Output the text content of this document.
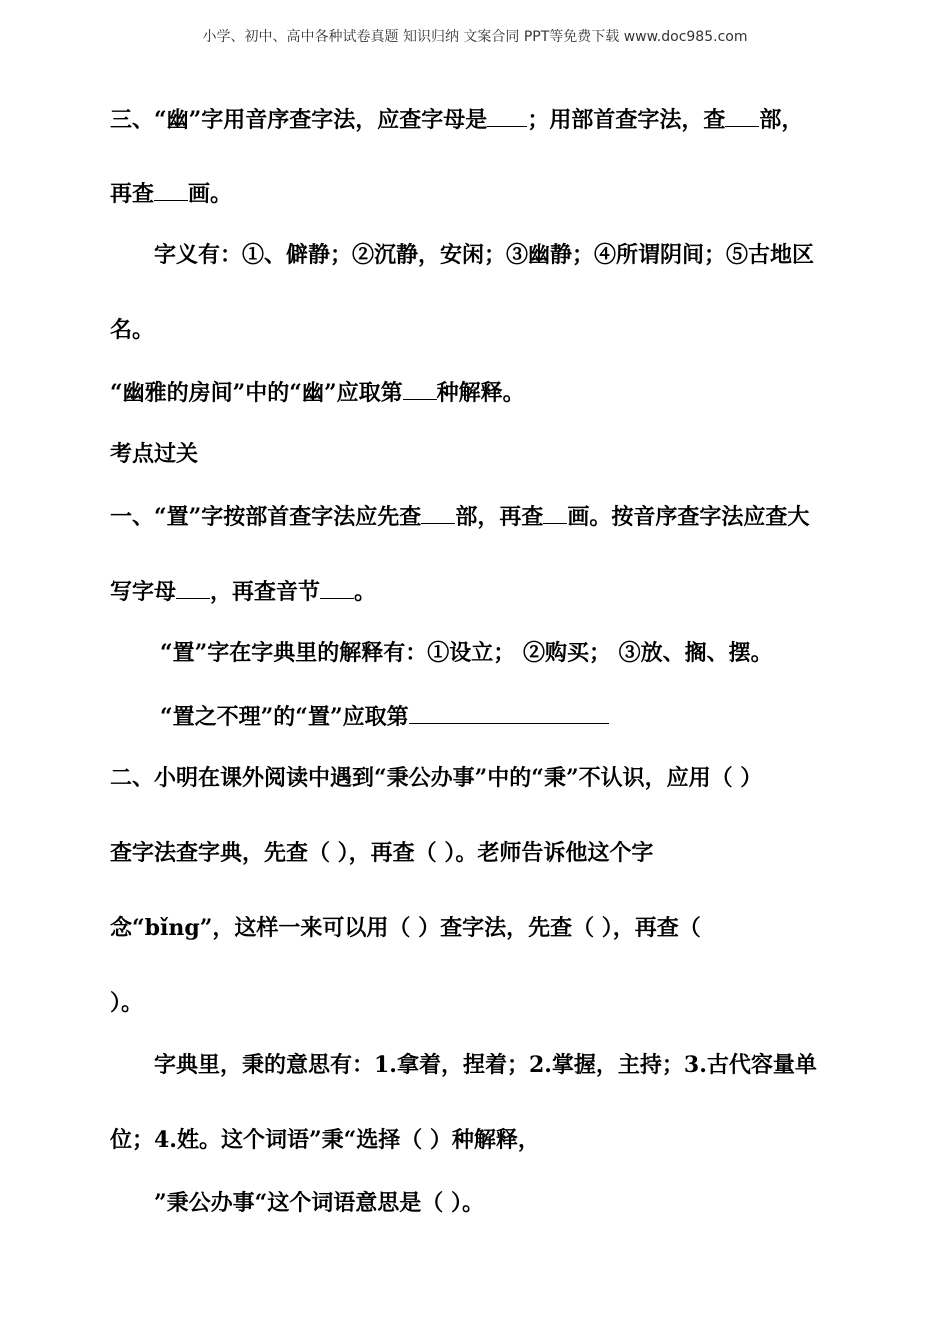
小学、初中、高中各种试卷真题 知识归纳 文案合同 PPT等免费下载 www.doc985.com
三、“幽”字用音序查字法，应查字母是 ；用部首查字法，查 部，
再查 画。
字义有：①、僻静；②沉静，安闲；③幽静；④所谓阴间；⑤古地区
名。
“幽雅的房间”中的“幽”应取第 种解释。
考点过关
一、“置”字按部首查字法应先查 部，再查 画。按音序查字法应查大
写字母 ，再查音节 。
“置”字在字典里的解释有：①设立； ②购买； ③放、搁、摆。
“置之不理”的“置”应取第
二、小明在课外阅读中遇到“秉公办事”中的“秉”不认识，应用（ ）
查字法查字典，先查（ ），再查（ ）。老师告诉他这个字
念“bǐng”，这样一来可以用（ ）查字法，先查（ ），再查（
）。
字典里，秉的意思有：1.拿着，捏着；2.掌握，主持；3.古代容量单
位；4.姓。这个词语”秉“选择（ ）种解释，
”秉公办事“这个词语意思是（ ）。
